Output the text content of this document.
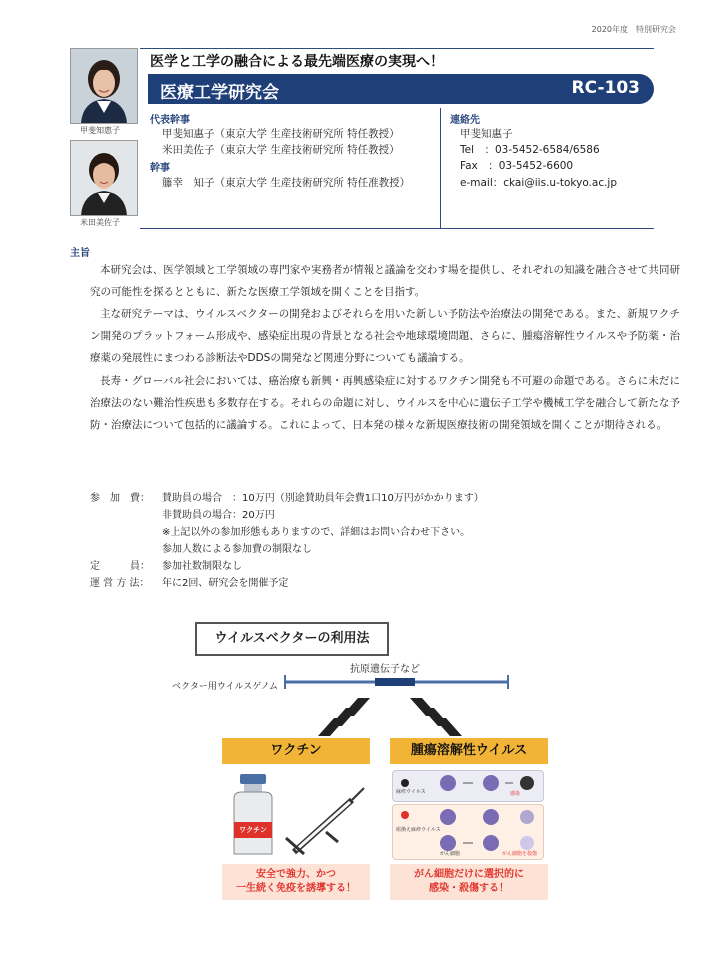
2020年度　特別研究会
甲斐知惠子
米田美佐子
医学と工学の融合による最先端医療の実現へ！
医療工学研究会	RC-103
代表幹事
甲斐知惠子（東京大学 生産技術研究所 特任教授）
米田美佐子（東京大学 生産技術研究所 特任教授）
幹事
籐幸　知子（東京大学 生産技術研究所 特任准教授）
連絡先
甲斐知惠子
Tel　：03-5452-6584/6586
Fax　：03-5452-6600
e-mail：ckai@iis.u-tokyo.ac.jp
主旨
本研究会は、医学領域と工学領域の専門家や実務者が情報と議論を交わす場を提供し、それぞれの知識を融合させて共同研究の可能性を探るとともに、新たな医療工学領域を開くことを目指す。
主な研究テーマは、ウイルスベクターの開発およびそれらを用いた新しい予防法や治療法の開発である。また、新規ワクチン開発のプラットフォーム形成や、感染症出現の背景となる社会や地球環境問題、さらに、腫瘍溶解性ウイルスや予防薬・治療薬の発展性にまつわる診断法やDDSの開発など関連分野についても議論する。
長寿・グローバル社会においては、癌治療も新興・再興感染症に対するワクチン開発も不可避の命題である。さらに未だに治療法のない難治性疾患も多数存在する。それらの命題に対し、ウイルスを中心に遺伝子工学や機械工学を融合して新たな予防・治療法について包括的に議論する。これによって、日本発の様々な新規医療技術の開発領域を開くことが期待される。
参　加　費： 賛助員の場合　：10万円（別途賛助員年会費1口10万円がかかります）
非賛助員の場合：20万円
※上記以外の参加形態もありますので、詳細はお問い合わせ下さい。
参加人数による参加費の制限なし
定　　　員： 参加社数制限なし
運 営 方 法： 年に2回、研究会を開催予定
ウイルスベクターの利用法
抗原遺伝子など
ベクター用ウイルスゲノム
ワクチン	腫瘍溶解性ウイルス
ワクチン
麻疹ウイルス	感染
組換え麻疹ウイルス
がん細胞	がん細胞を殺傷
安全で強力、かつ
一生続く免疫を誘導する！
がん細胞だけに選択的に
感染・殺傷する！
